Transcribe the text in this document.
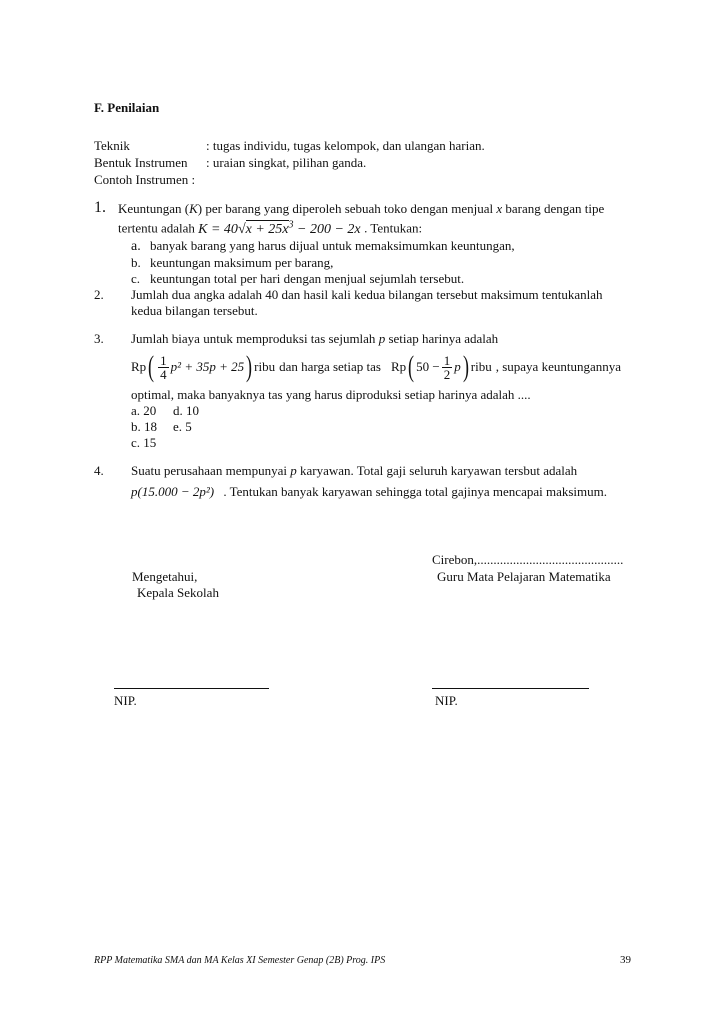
F. Penilaian
Teknik	: tugas individu, tugas kelompok, dan ulangan harian.
Bentuk Instrumen : uraian singkat, pilihan ganda.
Contoh Instrumen :
1. Keuntungan (K) per barang yang diperoleh sebuah toko dengan menjual x barang dengan tipe
tertentu adalah $K = 40√x + 25x^3 - 200 - 2x$ . Tentukan:
a. banyak barang yang harus dijual untuk memaksimumkan keuntungan,
b. keuntungan maksimum per barang,
c. keuntungan total per hari dengan menjual sejumlah tersebut.
2. Jumlah dua angka adalah 40 dan hasil kali kedua bilangan tersebut maksimum tentukanlah
kedua bilangan tersebut.
3. Jumlah biaya untuk memproduksi tas sejumlah p setiap harinya adalah
Rp ( $\frac{1}{4} p^2 + 35p + 25$ ) ribu dan harga setiap tas Rp ( $50 - \frac{1}{2}$ p ) ribu , supaya keuntungannya
optimal, maka banyaknya tas yang harus diproduksi setiap harinya adalah ....
a. 20 d. 10
b. 18 e. 5
c. 15
4. Suatu perusahaan mempunyai p karyawan. Total gaji seluruh karyawan tersbut adalah
p(15.000 − 2p²) . Tentukan banyak karyawan sehingga total gajinya mencapai maksimum.
Cirebon,.............................................
Guru Mata Pelajaran Matematika
Mengetahui,
Kepala Sekolah
NIP.	NIP.
RPP Matematika SMA dan MA Kelas XI Semester Genap (2B) Prog. IPS	39
